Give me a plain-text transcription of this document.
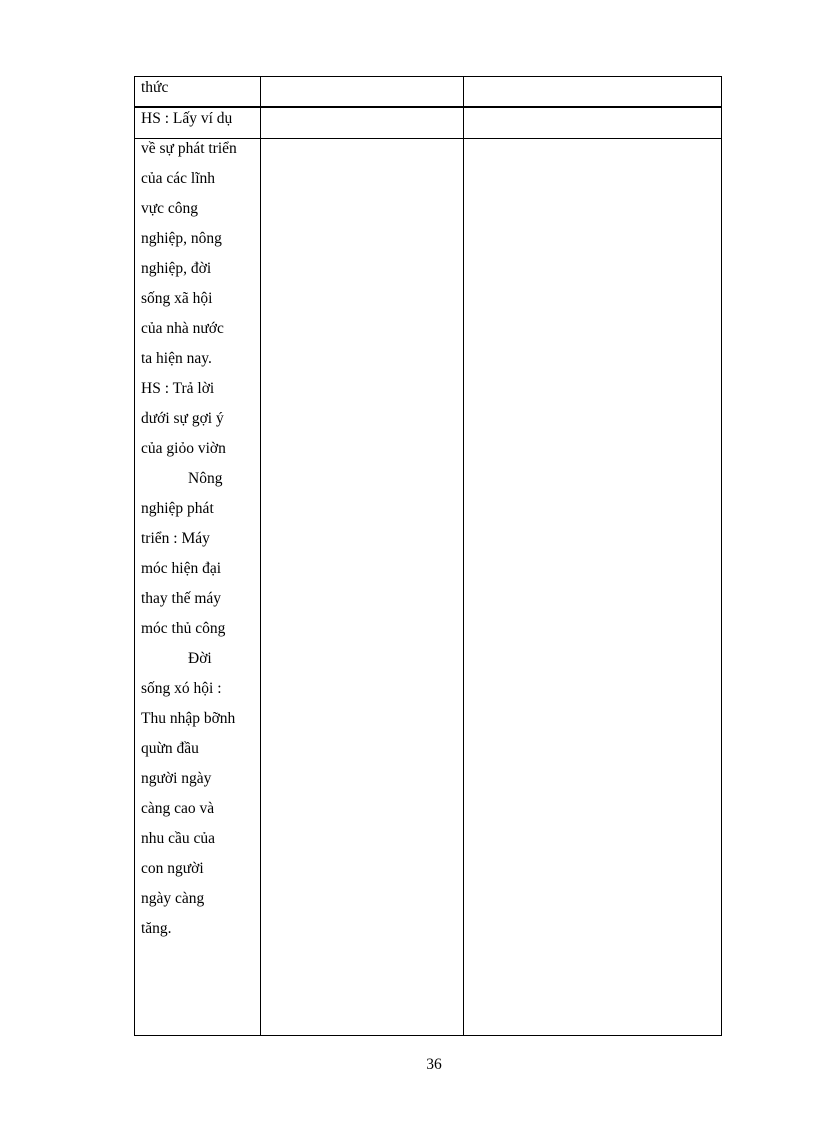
thức
HS : Lấy ví dụ
về sự phát triển
của các lĩnh
vực công
nghiệp, nông
nghiệp, đời
sống xã hội
của nhà nước
ta hiện nay.
HS : Trả lời
dưới sự gợi ý
của giỏo viờn
Nông
nghiệp phát
triển : Máy
móc hiện đại
thay thế máy
móc thủ công
Đời
sống xó hội :
Thu nhập bỡnh
quừn đầu
người ngày
càng cao và
nhu cầu của
con người
ngày càng
tăng.
36
